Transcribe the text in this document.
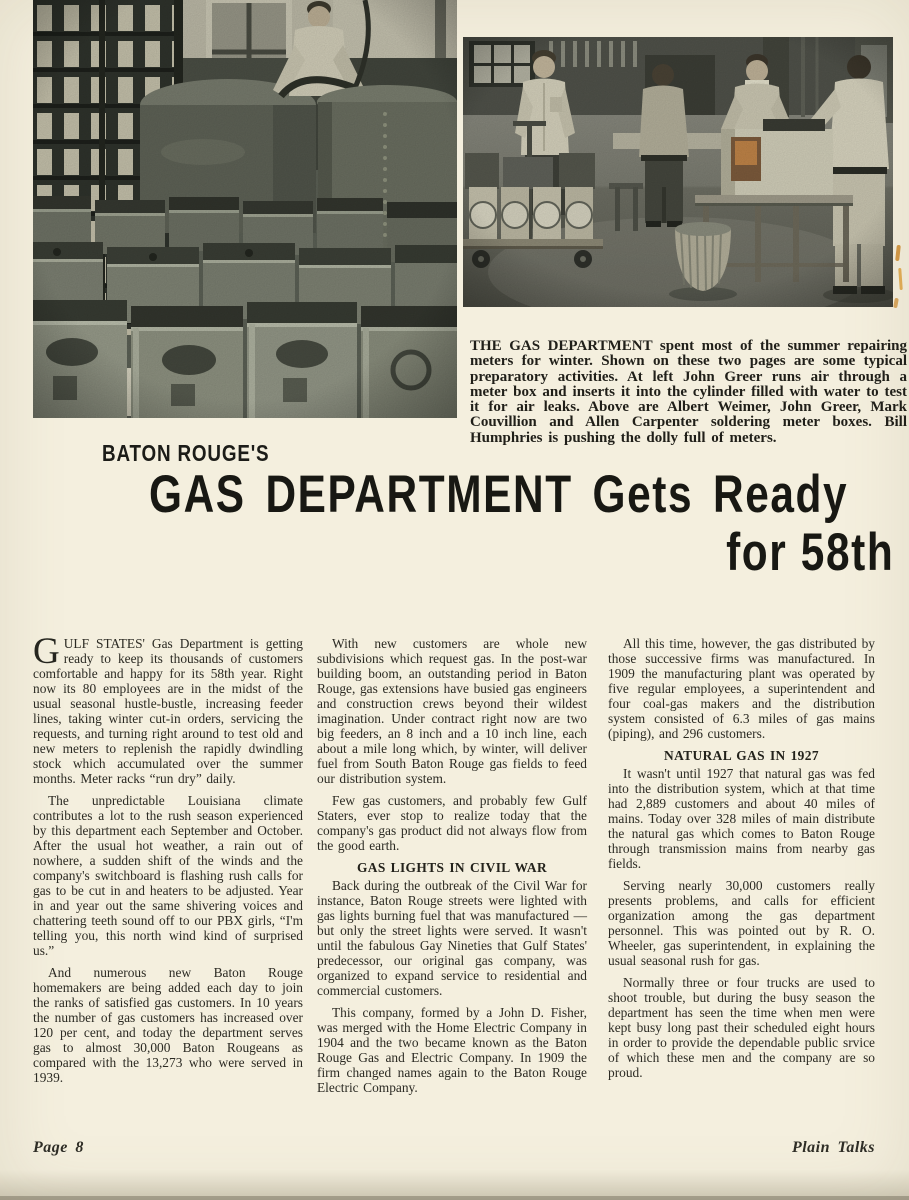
THE GAS DEPARTMENT spent most of the summer repairing meters for winter. Shown on these two pages are some typical preparatory activities. At left John Greer runs air through a meter box and inserts it into the cylinder filled with water to test it for air leaks. Above are Albert Weimer, John Greer, Mark Couvillion and Allen Carpenter soldering meter boxes. Bill Humphries is pushing the dolly full of meters.

BATON ROUGE'S
GAS DEPARTMENT Gets Ready
for 58th

GULF STATES' Gas Department is getting ready to keep its thousands of customers comfortable and happy for its 58th year. Right now its 80 employees are in the midst of the usual seasonal hustle-bustle, increasing feeder lines, taking winter cut-in orders, servicing the requests, and turning right around to test old and new meters to replenish the rapidly dwindling stock which accumulated over the summer months. Meter racks “run dry” daily.

The unpredictable Louisiana climate contributes a lot to the rush season experienced by this department each September and October. After the usual hot weather, a rain out of nowhere, a sudden shift of the winds and the company's switchboard is flashing rush calls for gas to be cut in and heaters to be adjusted. Year in and year out the same shivering voices and chattering teeth sound off to our PBX girls, “I'm telling you, this north wind kind of surprised us.”

And numerous new Baton Rouge homemakers are being added each day to join the ranks of satisfied gas customers. In 10 years the number of gas customers has increased over 120 per cent, and today the department serves gas to almost 30,000 Baton Rougeans as compared with the 13,273 who were served in 1939.

With new customers are whole new subdivisions which request gas. In the post-war building boom, an outstanding period in Baton Rouge, gas extensions have busied gas engineers and construction crews beyond their wildest imagination. Under contract right now are two big feeders, an 8 inch and a 10 inch line, each about a mile long which, by winter, will deliver fuel from South Baton Rouge gas fields to feed our distribution system.

Few gas customers, and probably few Gulf Staters, ever stop to realize today that the company's gas product did not always flow from the good earth.

GAS LIGHTS IN CIVIL WAR

Back during the outbreak of the Civil War for instance, Baton Rouge streets were lighted with gas lights burning fuel that was manufactured — but only the street lights were served. It wasn't until the fabulous Gay Nineties that Gulf States' predecessor, our original gas company, was organized to expand service to residential and commercial customers.

This company, formed by a John D. Fisher, was merged with the Home Electric Company in 1904 and the two became known as the Baton Rouge Gas and Electric Company. In 1909 the firm changed names again to the Baton Rouge Electric Company.

All this time, however, the gas distributed by those successive firms was manufactured. In 1909 the manufacturing plant was operated by five regular employees, a superintendent and four coal-gas makers and the distribution system consisted of 6.3 miles of gas mains (piping), and 296 customers.

NATURAL GAS IN 1927

It wasn't until 1927 that natural gas was fed into the distribution system, which at that time had 2,889 customers and about 40 miles of mains. Today over 328 miles of main distribute the natural gas which comes to Baton Rouge through transmission mains from nearby gas fields.

Serving nearly 30,000 customers really presents problems, and calls for efficient organization among the gas department personnel. This was pointed out by R. O. Wheeler, gas superintendent, in explaining the usual seasonal rush for gas.

Normally three or four trucks are used to shoot trouble, but during the busy season the department has seen the time when men were kept busy long past their scheduled eight hours in order to provide the dependable public srvice of which these men and the company are so proud.

Page 8	Plain Talks
